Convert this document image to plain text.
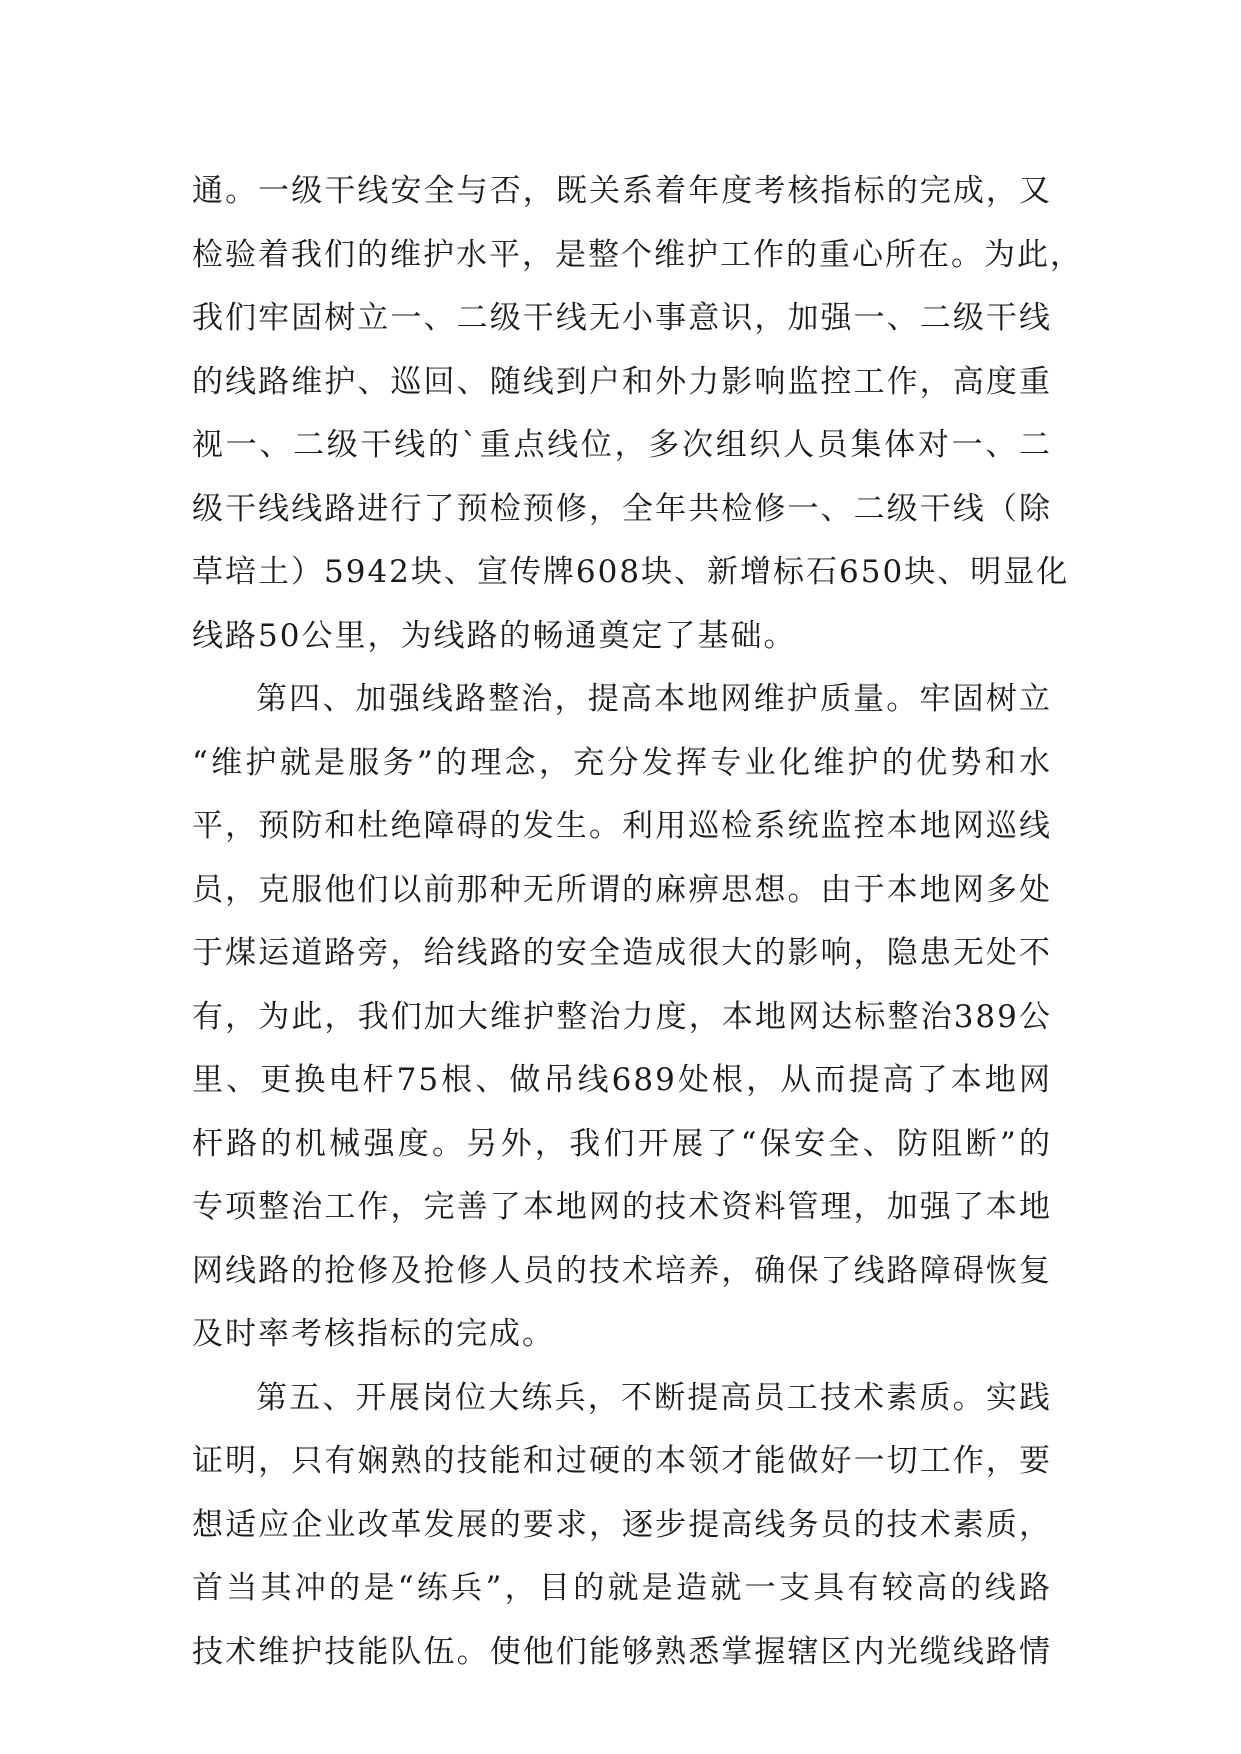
通。一级干线安全与否，既关系着年度考核指标的完成，又
检验着我们的维护水平，是整个维护工作的重心所在。为此，
我们牢固树立一、二级干线无小事意识，加强一、二级干线
的线路维护、巡回、随线到户和外力影响监控工作，高度重
视一、二级干线的`重点线位，多次组织人员集体对一、二
级干线线路进行了预检预修，全年共检修一、二级干线（除
草培土）5942块、宣传牌608块、新增标石650块、明显化
线路50公里，为线路的畅通奠定了基础。
第四、加强线路整治，提高本地网维护质量。牢固树立
“维护就是服务”的理念，充分发挥专业化维护的优势和水
平，预防和杜绝障碍的发生。利用巡检系统监控本地网巡线
员，克服他们以前那种无所谓的麻痹思想。由于本地网多处
于煤运道路旁，给线路的安全造成很大的影响，隐患无处不
有，为此，我们加大维护整治力度，本地网达标整治389公
里、更换电杆75根、做吊线689处根，从而提高了本地网
杆路的机械强度。另外，我们开展了“保安全、防阻断”的
专项整治工作，完善了本地网的技术资料管理，加强了本地
网线路的抢修及抢修人员的技术培养，确保了线路障碍恢复
及时率考核指标的完成。
第五、开展岗位大练兵，不断提高员工技术素质。实践
证明，只有娴熟的技能和过硬的本领才能做好一切工作，要
想适应企业改革发展的要求，逐步提高线务员的技术素质，
首当其冲的是“练兵”，目的就是造就一支具有较高的线路
技术维护技能队伍。使他们能够熟悉掌握辖区内光缆线路情
